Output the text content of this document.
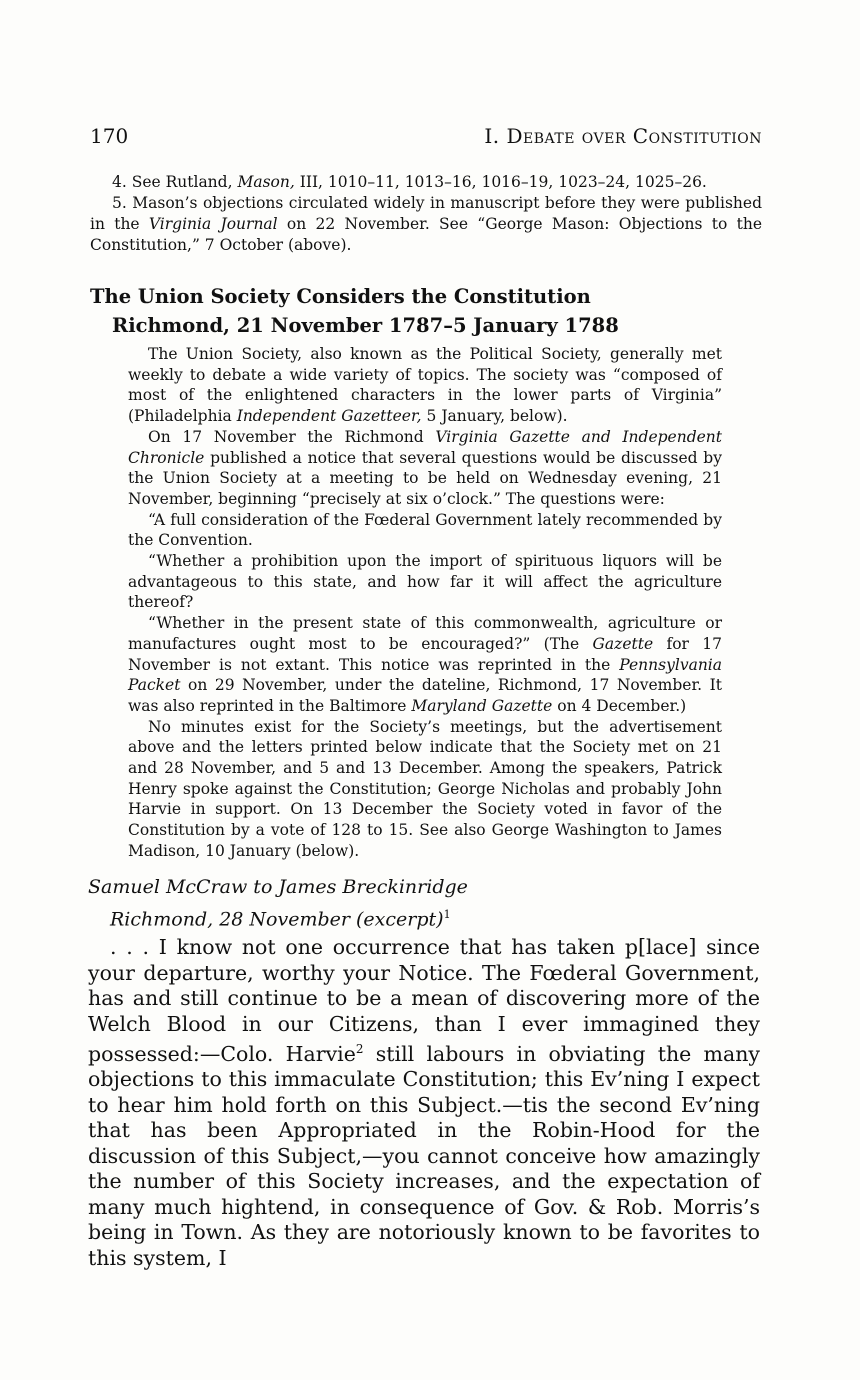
170	I. Debate over Constitution

4. See Rutland, Mason, III, 1010–11, 1013–16, 1016–19, 1023–24, 1025–26.

5. Mason’s objections circulated widely in manuscript before they were published in the Virginia Journal on 22 November. See “George Mason: Objections to the Constitution,” 7 October (above).

The Union Society Considers the Constitution
Richmond, 21 November 1787–5 January 1788

The Union Society, also known as the Political Society, generally met weekly to debate a wide variety of topics. The society was “composed of most of the enlightened characters in the lower parts of Virginia” (Philadelphia Independent Gazetteer, 5 January, below).

On 17 November the Richmond Virginia Gazette and Independent Chronicle published a notice that several questions would be discussed by the Union Society at a meeting to be held on Wednesday evening, 21 November, beginning “precisely at six o’clock.” The questions were:

“A full consideration of the Fœderal Government lately recommended by the Convention.

“Whether a prohibition upon the import of spirituous liquors will be advantageous to this state, and how far it will affect the agriculture thereof?

“Whether in the present state of this commonwealth, agriculture or manufactures ought most to be encouraged?” (The Gazette for 17 November is not extant. This notice was reprinted in the Pennsylvania Packet on 29 November, under the dateline, Richmond, 17 November. It was also reprinted in the Baltimore Maryland Gazette on 4 December.)

No minutes exist for the Society’s meetings, but the advertisement above and the letters printed below indicate that the Society met on 21 and 28 November, and 5 and 13 December. Among the speakers, Patrick Henry spoke against the Constitution; George Nicholas and probably John Harvie in support. On 13 December the Society voted in favor of the Constitution by a vote of 128 to 15. See also George Washington to James Madison, 10 January (below).

Samuel McCraw to James Breckinridge
Richmond, 28 November (excerpt)$^1$

. . . I know not one occurrence that has taken p[lace] since your departure, worthy your Notice. The Fœderal Government, has and still continue to be a mean of discovering more of the Welch Blood in our Citizens, than I ever immagined they possessed:—Colo. Harvie$^2$ still labours in obviating the many objections to this immaculate Constitution; this Ev’ning I expect to hear him hold forth on this Subject.—tis the second Ev’ning that has been Appropriated in the Robin-Hood for the discussion of this Subject,—you cannot conceive how amazingly the number of this Society increases, and the expectation of many much hightend, in consequence of Gov. & Rob. Morris’s being in Town. As they are notoriously known to be favorites to this system, I
